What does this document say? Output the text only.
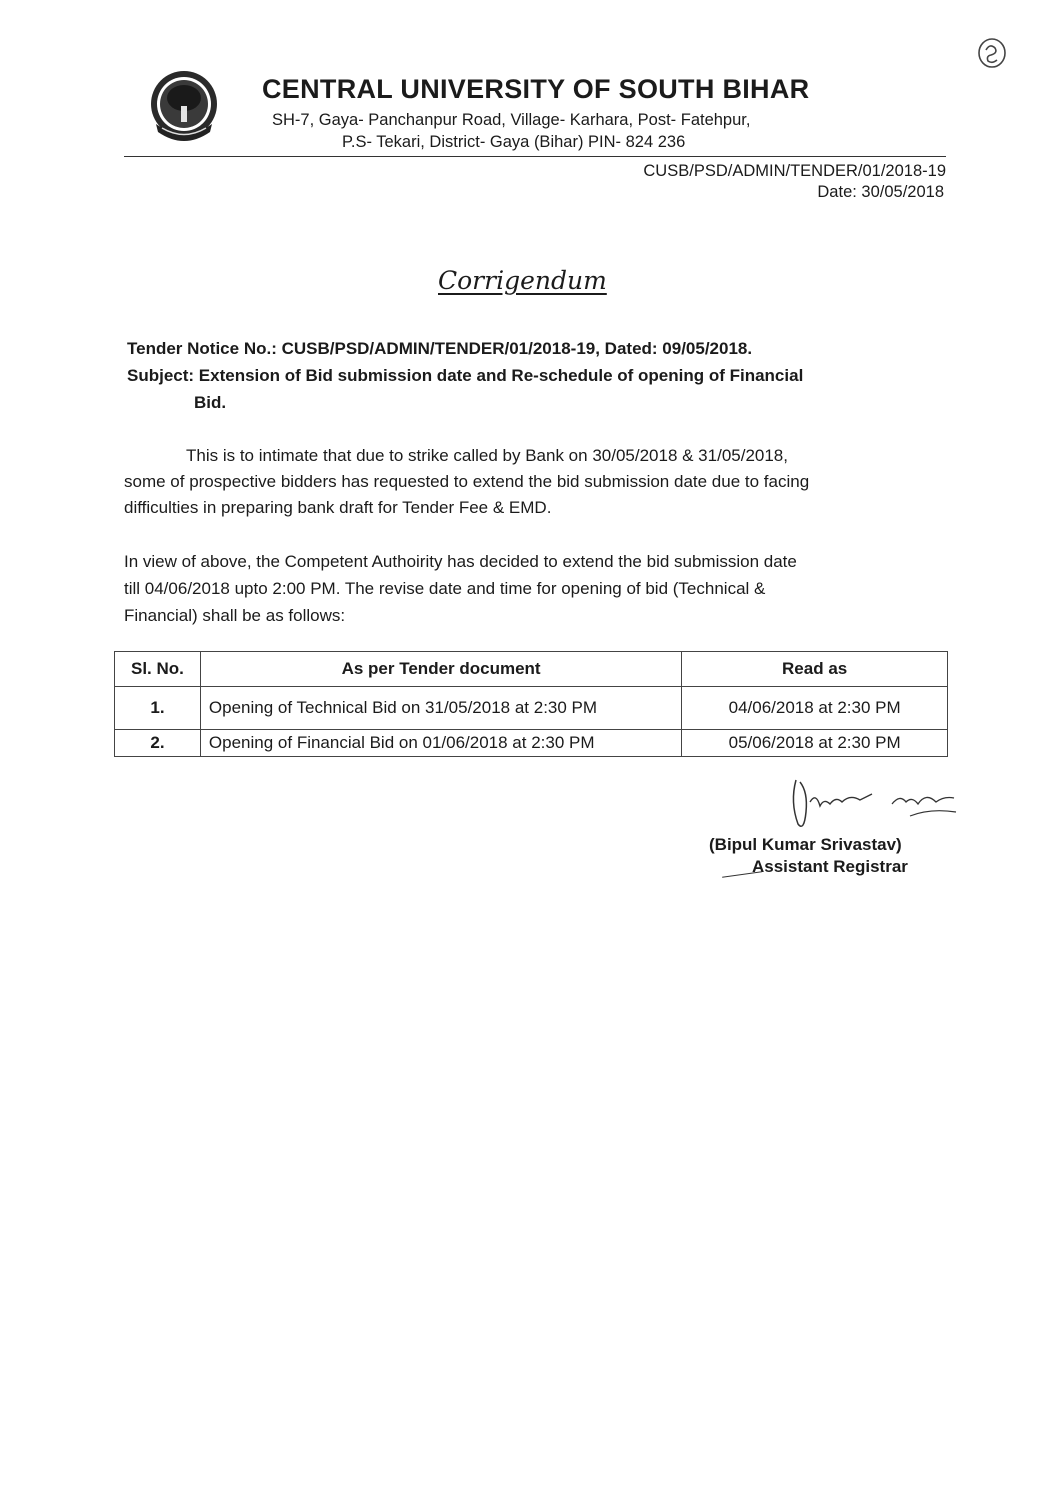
CENTRAL UNIVERSITY OF SOUTH BIHAR
SH-7, Gaya- Panchanpur Road, Village- Karhara, Post- Fatehpur,
P.S- Tekari, District- Gaya (Bihar) PIN- 824 236
CUSB/PSD/ADMIN/TENDER/01/2018-19
Date: 30/05/2018
Corrigendum
Tender Notice No.: CUSB/PSD/ADMIN/TENDER/01/2018-19, Dated: 09/05/2018.
Subject: Extension of Bid submission date and Re-schedule of opening of Financial
Bid.
This is to intimate that due to strike called by Bank on 30/05/2018 & 31/05/2018,
some of prospective bidders has requested to extend the bid submission date due to facing
difficulties in preparing bank draft for Tender Fee & EMD.
In view of above, the Competent Authoirity has decided to extend the bid submission date
till 04/06/2018 upto 2:00 PM. The revise date and time for opening of bid (Technical &
Financial) shall be as follows:
Sl. No.	As per Tender document	Read as
1.	Opening of Technical Bid on 31/05/2018 at 2:30 PM	04/06/2018 at 2:30 PM
2.	Opening of Financial Bid on 01/06/2018 at 2:30 PM	05/06/2018 at 2:30 PM
(Bipul Kumar Srivastav)
Assistant Registrar
